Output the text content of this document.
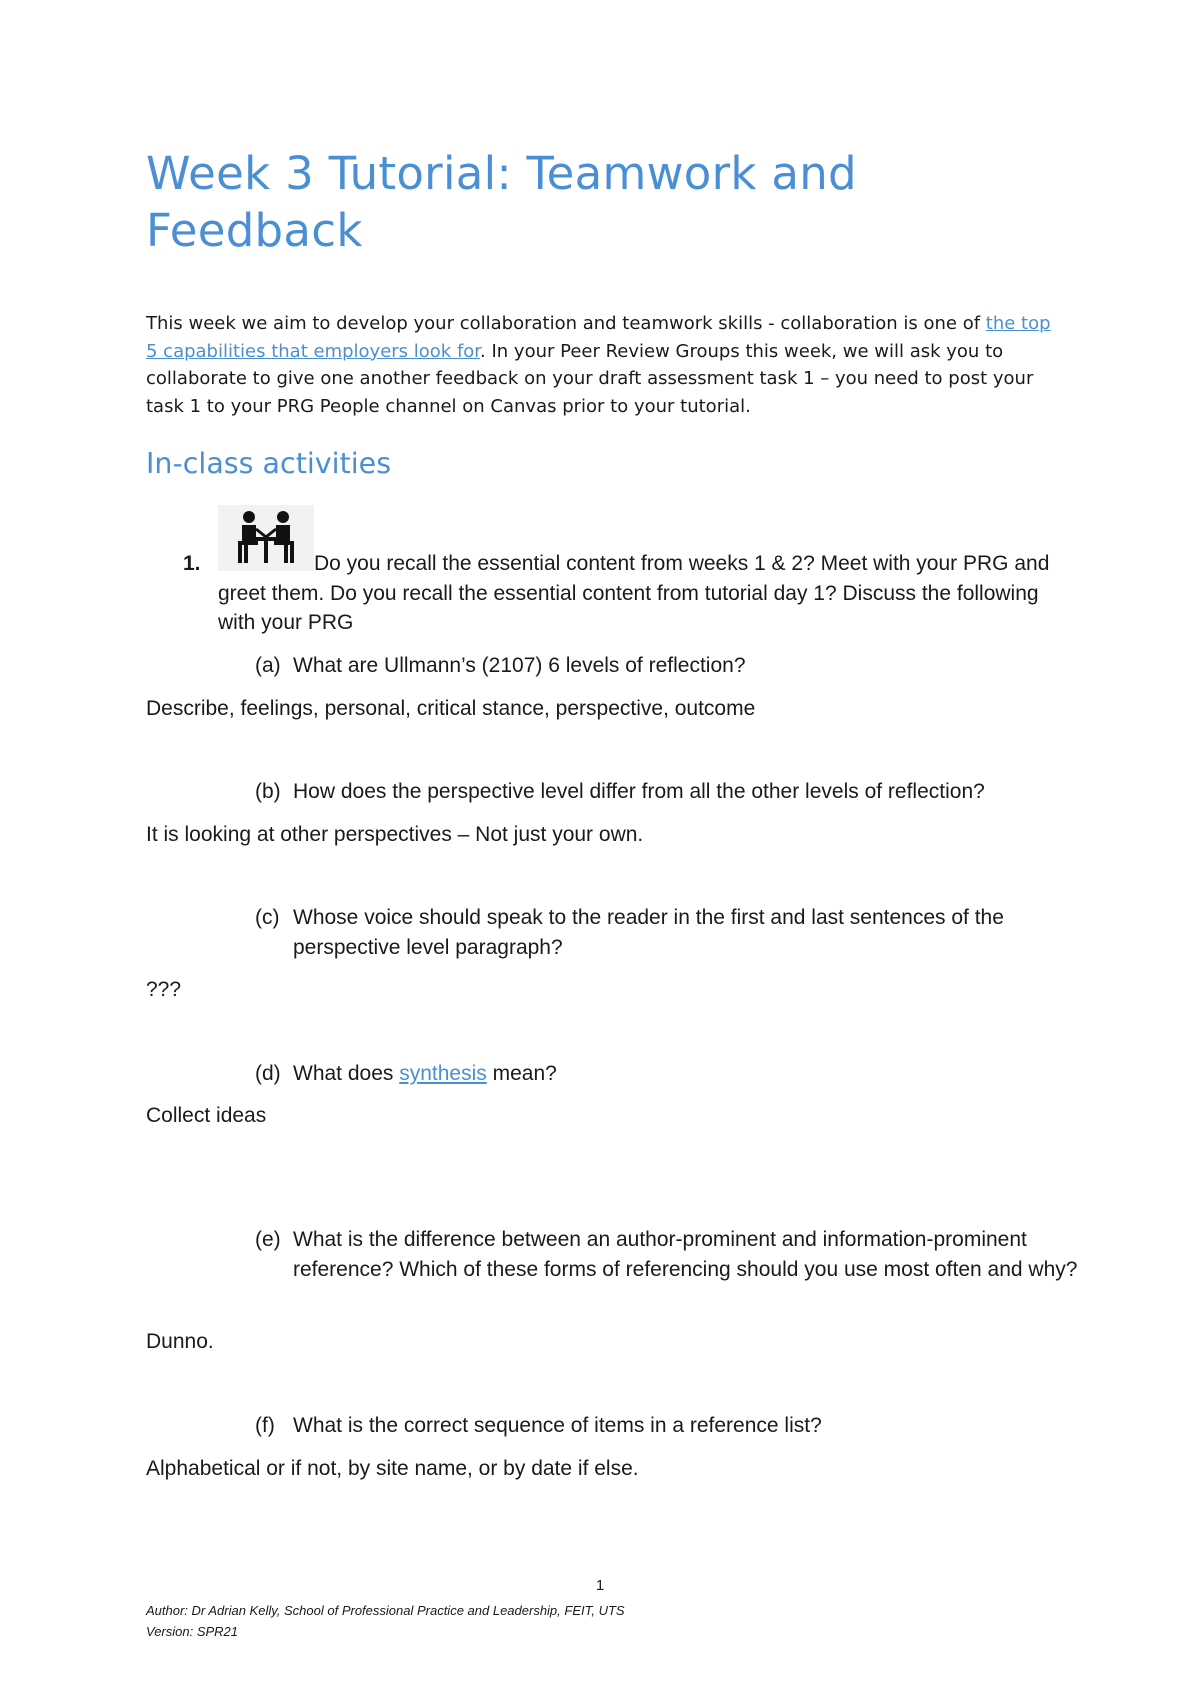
Week 3 Tutorial: Teamwork and
Feedback

This week we aim to develop your collaboration and teamwork skills - collaboration is one of the top 5 capabilities that employers look for. In your Peer Review Groups this week, we will ask you to collaborate to give one another feedback on your draft assessment task 1 – you need to post your task 1 to your PRG People channel on Canvas prior to your tutorial.

In-class activities
1.	Do you recall the essential content from weeks 1 & 2? Meet with your PRG and greet them. Do you recall the essential content from tutorial day 1? Discuss the following with your PRG

(a) What are Ullmann’s (2107) 6 levels of reflection?

Describe, feelings, personal, critical stance, perspective, outcome

(b) How does the perspective level differ from all the other levels of reflection?

It is looking at other perspectives – Not just your own.

(c) Whose voice should speak to the reader in the first and last sentences of the perspective level paragraph?

???

(d) What does synthesis mean?

Collect ideas

(e) What is the difference between an author-prominent and information-prominent reference? Which of these forms of referencing should you use most often and why?

Dunno.

(f) What is the correct sequence of items in a reference list?

Alphabetical or if not, by site name, or by date if else.

1

Author: Dr Adrian Kelly, School of Professional Practice and Leadership, FEIT, UTS
Version: SPR21
